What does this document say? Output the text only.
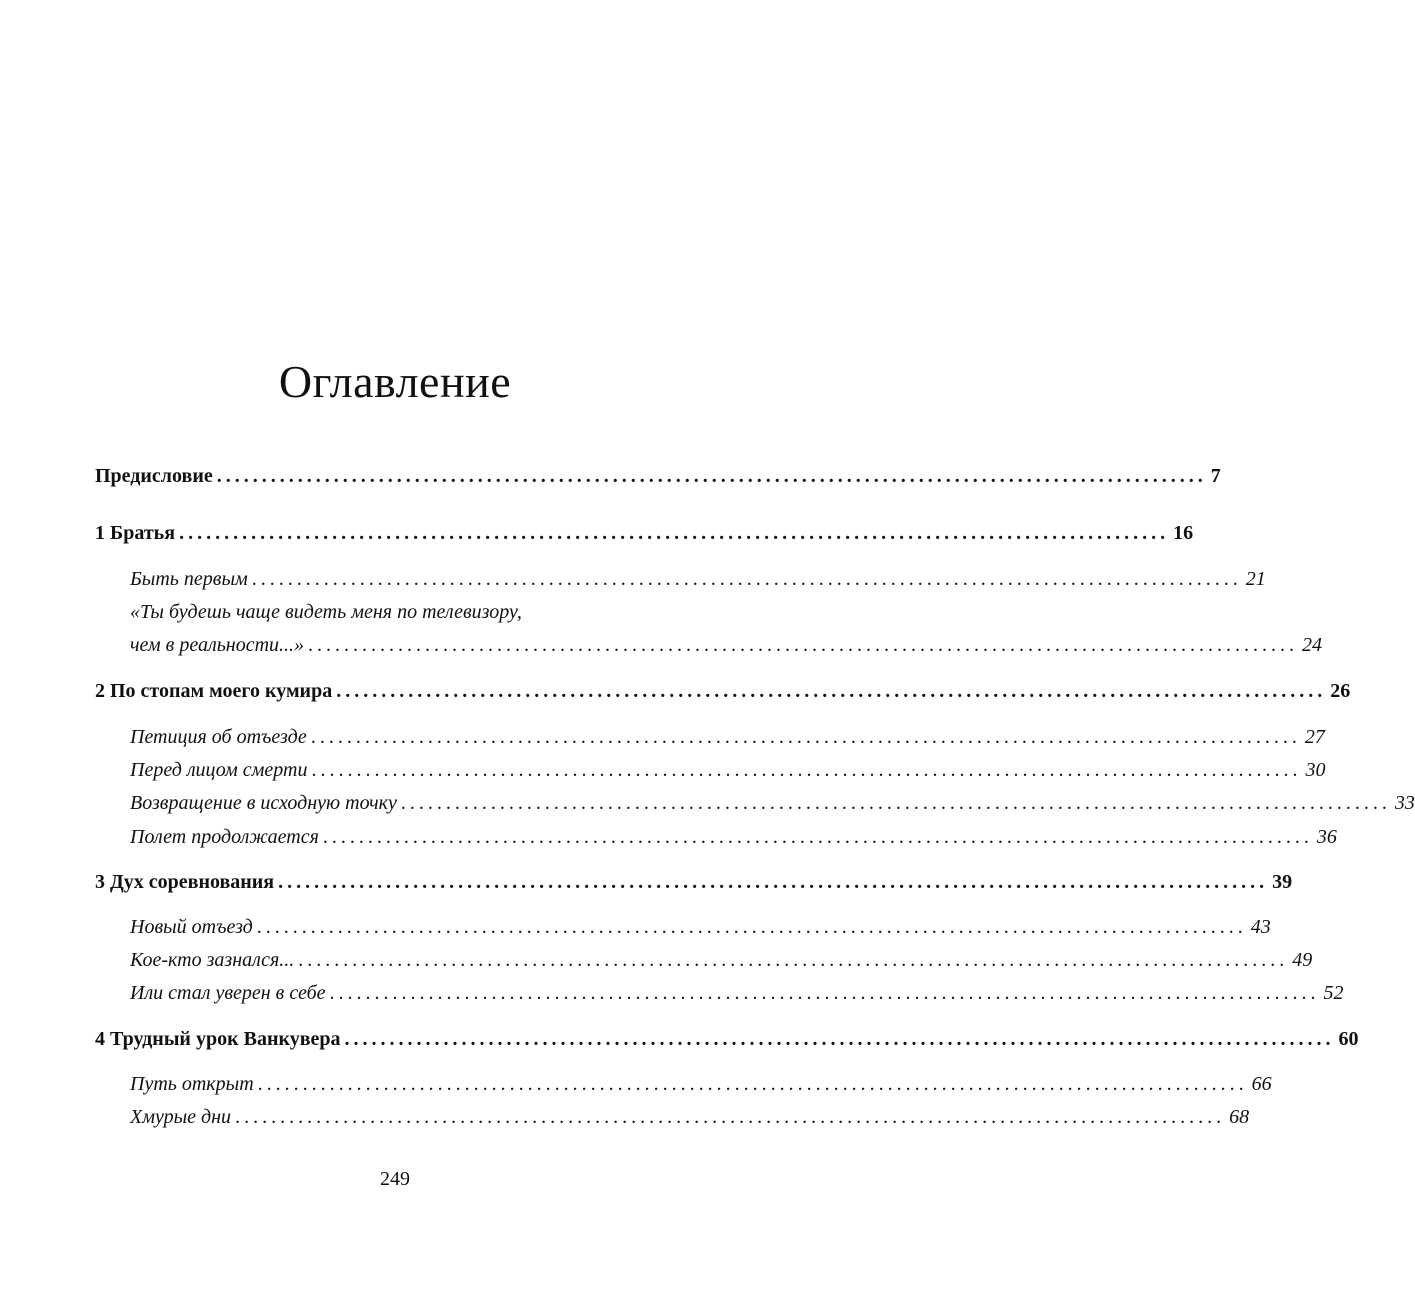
Оглавление
Предисловие .............................................................................................................. 7
1 Братья .............................................................................................................. 16
Быть первым .............................................................................................................. 21
«Ты будешь чаще видеть меня по телевизору,
чем в реальности...» .............................................................................................................. 24
2 По стопам моего кумира .............................................................................................................. 26
Петиция об отъезде .............................................................................................................. 27
Перед лицом смерти .............................................................................................................. 30
Возвращение в исходную точку .............................................................................................................. 33
Полет продолжается .............................................................................................................. 36
3 Дух соревнования .............................................................................................................. 39
Новый отъезд .............................................................................................................. 43
Кое-кто зазнался... .............................................................................................................. 49
Или стал уверен в себе .............................................................................................................. 52
4 Трудный урок Ванкувера .............................................................................................................. 60
Путь открыт .............................................................................................................. 66
Хмурые дни .............................................................................................................. 68
249
